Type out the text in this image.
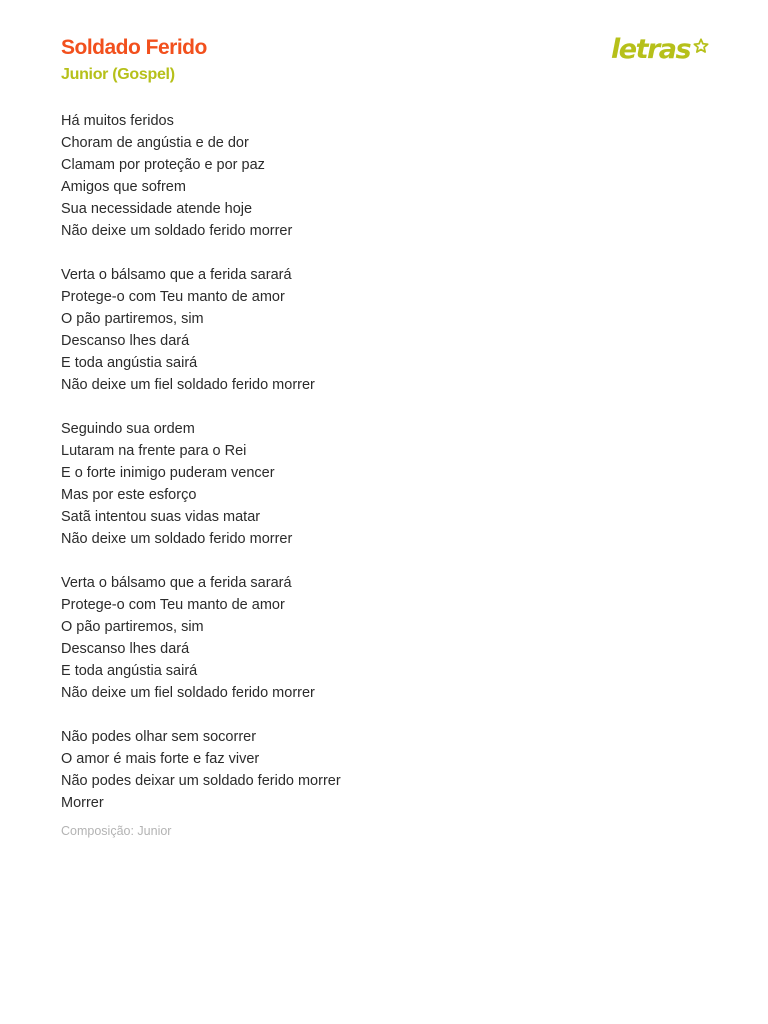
Soldado Ferido
Junior (Gospel)
letras
Há muitos feridos
Choram de angústia e de dor
Clamam por proteção e por paz
Amigos que sofrem
Sua necessidade atende hoje
Não deixe um soldado ferido morrer
Verta o bálsamo que a ferida sarará
Protege-o com Teu manto de amor
O pão partiremos, sim
Descanso lhes dará
E toda angústia sairá
Não deixe um fiel soldado ferido morrer
Seguindo sua ordem
Lutaram na frente para o Rei
E o forte inimigo puderam vencer
Mas por este esforço
Satã intentou suas vidas matar
Não deixe um soldado ferido morrer
Verta o bálsamo que a ferida sarará
Protege-o com Teu manto de amor
O pão partiremos, sim
Descanso lhes dará
E toda angústia sairá
Não deixe um fiel soldado ferido morrer
Não podes olhar sem socorrer
O amor é mais forte e faz viver
Não podes deixar um soldado ferido morrer
Morrer
Composição: Junior
